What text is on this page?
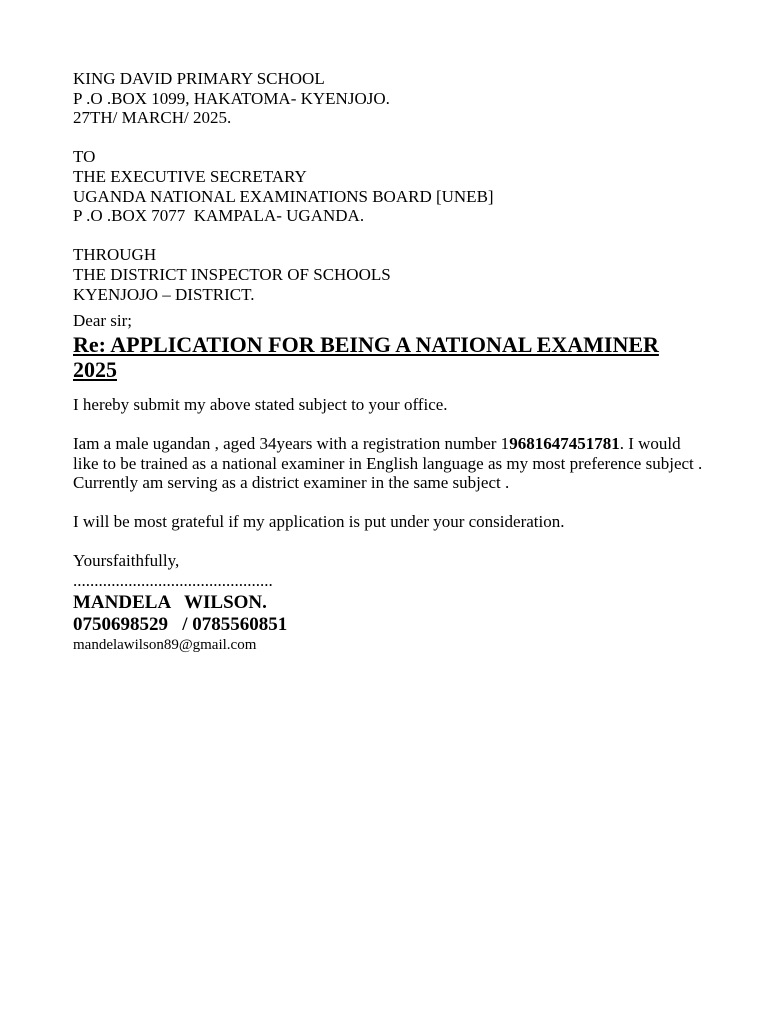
KING DAVID PRIMARY SCHOOL
P .O .BOX 1099, HAKATOMA- KYENJOJO.
27TH/ MARCH/ 2025.
TO
THE EXECUTIVE SECRETARY
UGANDA NATIONAL EXAMINATIONS BOARD [UNEB]
P .O .BOX 7077  KAMPALA- UGANDA.
THROUGH
THE DISTRICT INSPECTOR OF SCHOOLS
KYENJOJO – DISTRICT.
Dear sir;
Re: APPLICATION FOR BEING A NATIONAL EXAMINER 2025
I hereby submit my above stated subject to your office.
Iam a male ugandan , aged 34years with a registration number 19681647451781. I would like to be trained as a national examiner in English language as my most preference subject . Currently am serving as a district examiner in the same subject .
I will be most grateful if my application is put under your consideration.
Yoursfaithfully,
...............................................
MANDELA   WILSON.
0750698529   / 0785560851
mandelawilson89@gmail.com
